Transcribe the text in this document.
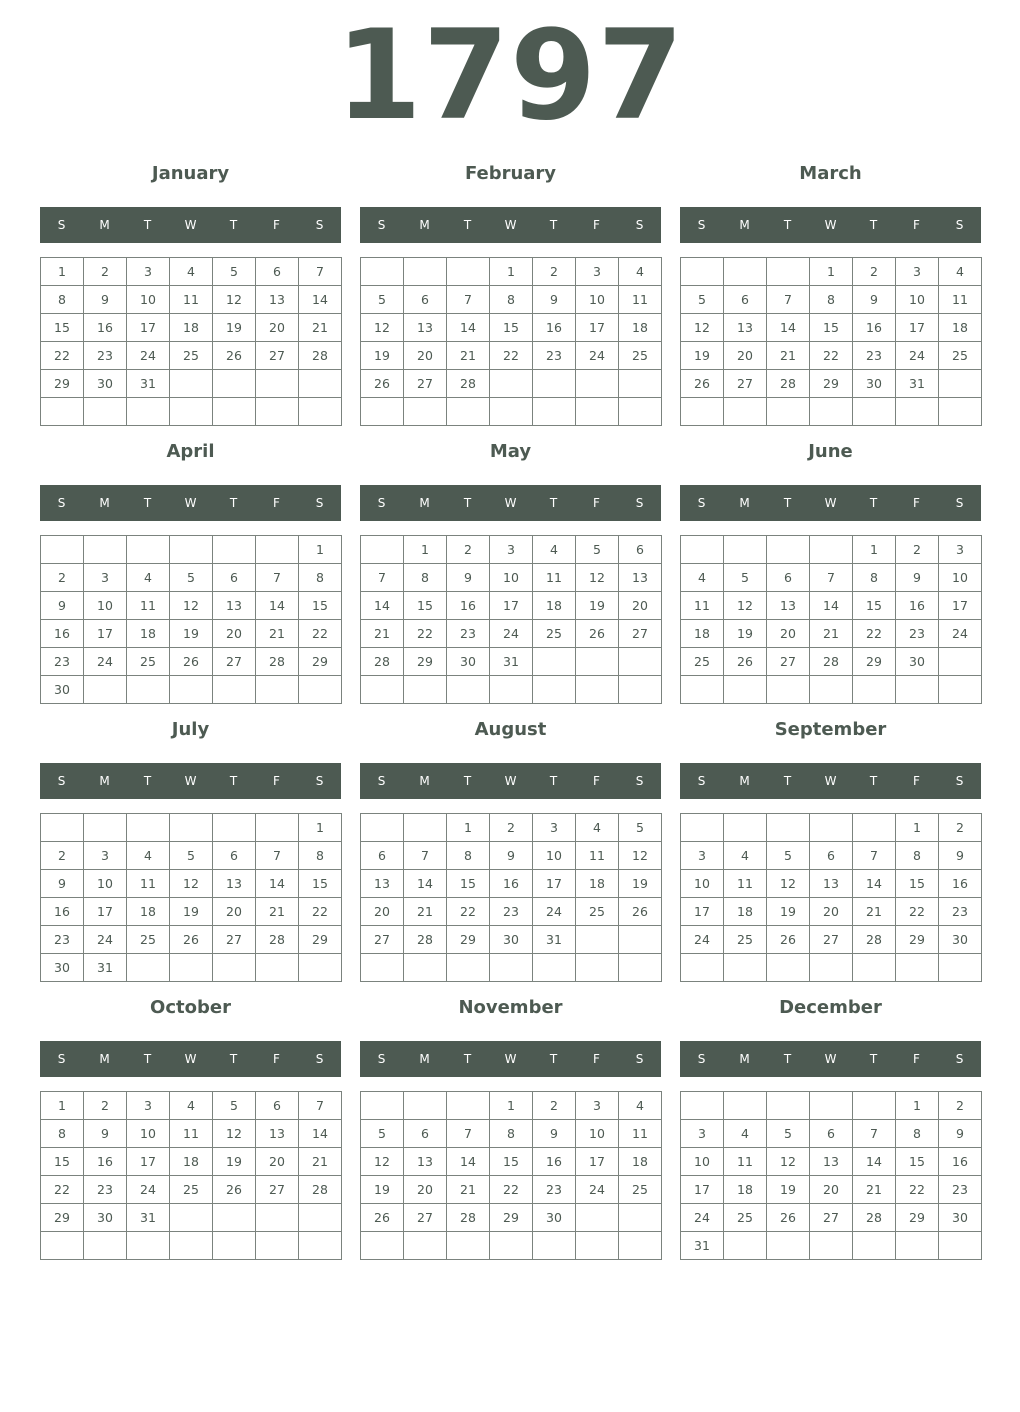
1797
January
S	M	T	W	T	F	S
1	2	3	4	5	6	7
8	9	10	11	12	13	14
15	16	17	18	19	20	21
22	23	24	25	26	27	28
29	30	31				

February
S	M	T	W	T	F	S
			1	2	3	4
5	6	7	8	9	10	11
12	13	14	15	16	17	18
19	20	21	22	23	24	25
26	27	28				

March
S	M	T	W	T	F	S
			1	2	3	4
5	6	7	8	9	10	11
12	13	14	15	16	17	18
19	20	21	22	23	24	25
26	27	28	29	30	31	

April
S	M	T	W	T	F	S
						1
2	3	4	5	6	7	8
9	10	11	12	13	14	15
16	17	18	19	20	21	22
23	24	25	26	27	28	29
30						
May
S	M	T	W	T	F	S
	1	2	3	4	5	6
7	8	9	10	11	12	13
14	15	16	17	18	19	20
21	22	23	24	25	26	27
28	29	30	31			

June
S	M	T	W	T	F	S
				1	2	3
4	5	6	7	8	9	10
11	12	13	14	15	16	17
18	19	20	21	22	23	24
25	26	27	28	29	30	

July
S	M	T	W	T	F	S
						1
2	3	4	5	6	7	8
9	10	11	12	13	14	15
16	17	18	19	20	21	22
23	24	25	26	27	28	29
30	31					
August
S	M	T	W	T	F	S
		1	2	3	4	5
6	7	8	9	10	11	12
13	14	15	16	17	18	19
20	21	22	23	24	25	26
27	28	29	30	31		

September
S	M	T	W	T	F	S
					1	2
3	4	5	6	7	8	9
10	11	12	13	14	15	16
17	18	19	20	21	22	23
24	25	26	27	28	29	30

October
S	M	T	W	T	F	S
1	2	3	4	5	6	7
8	9	10	11	12	13	14
15	16	17	18	19	20	21
22	23	24	25	26	27	28
29	30	31				

November
S	M	T	W	T	F	S
			1	2	3	4
5	6	7	8	9	10	11
12	13	14	15	16	17	18
19	20	21	22	23	24	25
26	27	28	29	30		

December
S	M	T	W	T	F	S
					1	2
3	4	5	6	7	8	9
10	11	12	13	14	15	16
17	18	19	20	21	22	23
24	25	26	27	28	29	30
31						
